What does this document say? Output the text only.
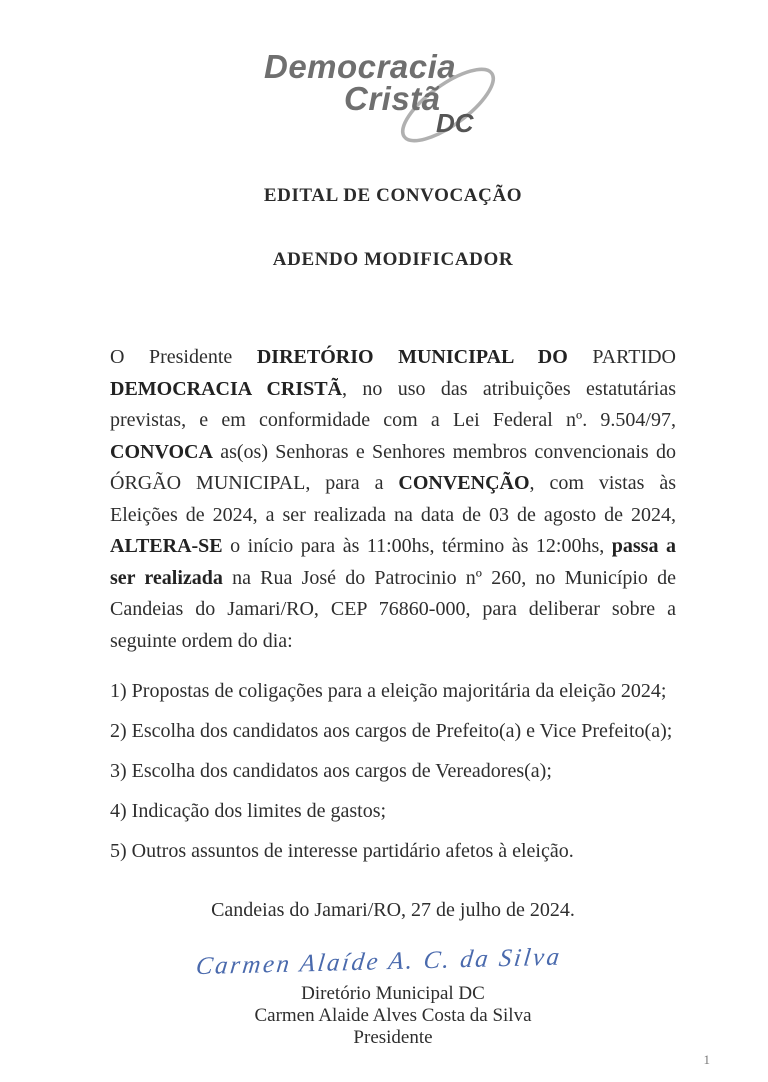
Democracia
Cristã
DC
EDITAL DE CONVOCAÇÃO
ADENDO MODIFICADOR
O Presidente DIRETÓRIO MUNICIPAL DO PARTIDO DEMOCRACIA CRISTÃ, no uso das atribuições estatutárias previstas, e em conformidade com a Lei Federal nº. 9.504/97, CONVOCA as(os) Senhoras e Senhores membros convencionais do ÓRGÃO MUNICIPAL, para a CONVENÇÃO, com vistas às Eleições de 2024, a ser realizada na data de 03 de agosto de 2024, ALTERA-SE o início para às 11:00hs, término às 12:00hs, passa a ser realizada na Rua José do Patrocinio nº 260, no Município de Candeias do Jamari/RO, CEP 76860-000, para deliberar sobre a seguinte ordem do dia:
1) Propostas de coligações para a eleição majoritária da eleição 2024;
2) Escolha dos candidatos aos cargos de Prefeito(a) e Vice Prefeito(a);
3) Escolha dos candidatos aos cargos de Vereadores(a);
4) Indicação dos limites de gastos;
5) Outros assuntos de interesse partidário afetos à eleição.
Candeias do Jamari/RO, 27 de julho de 2024.
Carmen Alaíde A. C. da Silva
Diretório Municipal DC
Carmen Alaide Alves Costa da Silva
Presidente
1
